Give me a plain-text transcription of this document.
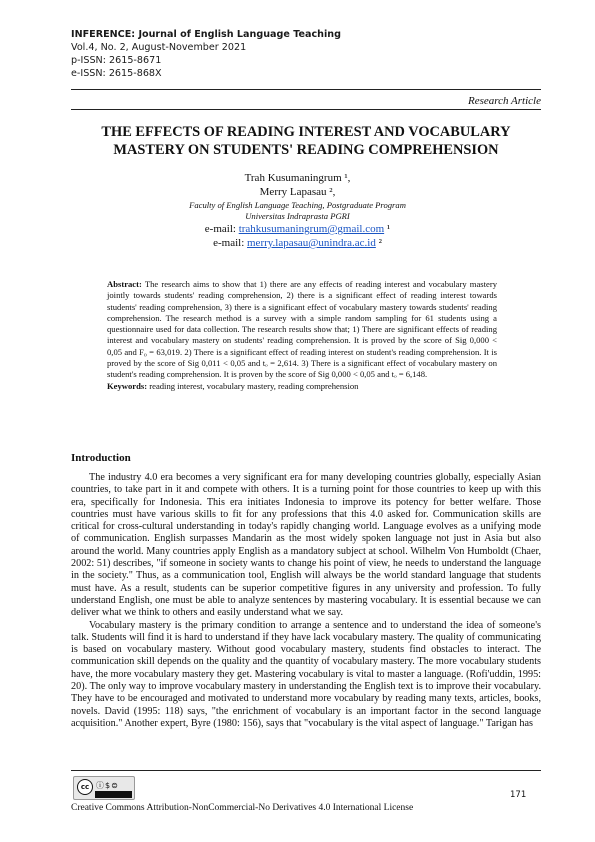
INFERENCE: Journal of English Language Teaching
Vol.4, No. 2, August-November 2021
p-ISSN: 2615-8671
e-ISSN: 2615-868X
Research Article
THE EFFECTS OF READING INTEREST AND VOCABULARY
MASTERY ON STUDENTS' READING COMPREHENSION
Trah Kusumaningrum ¹,
Merry Lapasau ²,
Faculty of English Language Teaching, Postgraduate Program
Universitas Indraprasta PGRI
e-mail: trahkusumaningrum@gmail.com ¹
e-mail: merry.lapasau@unindra.ac.id ²
Abstract: The research aims to show that 1) there are any effects of reading interest and vocabulary mastery jointly towards students' reading comprehension, 2) there is a significant effect of reading interest towards students' reading comprehension, 3) there is a significant effect of vocabulary mastery towards students' reading comprehension. The research method is a survey with a simple random sampling for 61 students using a questionnaire used for data collection. The research results show that; 1) There are significant effects of reading interest and vocabulary mastery on students' reading comprehension. It is proved by the score of Sig 0,000 < 0,05 and F₀ = 63,019. 2) There is a significant effect of reading interest on student's reading comprehension. It is proved by the score of Sig 0,011 < 0,05 and tₒ = 2,614. 3) There is a significant effect of vocabulary mastery on student's reading comprehension. It is proven by the score of Sig 0,000 < 0,05 and tₒ = 6,148.
Keywords: reading interest, vocabulary mastery, reading comprehension
Introduction

The industry 4.0 era becomes a very significant era for many developing countries globally, especially Asian countries, to take part in it and compete with others. It is a turning point for those countries to keep up with this era, specifically for Indonesia. This era initiates Indonesia to improve its potency for better welfare. Those countries must have various skills to fit for any professions that this 4.0 asked for. Communication skills are critical for cross-cultural understanding in today's rapidly changing world. Language evolves as a unifying mode of communication. English surpasses Mandarin as the most widely spoken language not just in Asia but also around the world. Many countries apply English as a mandatory subject at school. Wilhelm Von Humboldt (Chaer, 2002: 51) describes, "if someone in society wants to change his point of view, he needs to understand the language in the society." Thus, as a communication tool, English will always be the world standard language that students must have. As a result, students can be superior competitive figures in any university and profession. To fully understand English, one must be able to analyze sentences by mastering vocabulary. It is essential because we can deliver what we think to others and easily understand what we say.

Vocabulary mastery is the primary condition to arrange a sentence and to understand the idea of someone's talk. Students will find it is hard to understand if they have lack vocabulary mastery. The quality of communicating is based on vocabulary mastery. Without good vocabulary mastery, students find obstacles to interact. The communication skill depends on the quality and the quantity of vocabulary mastery. The more vocabulary students have, the more vocabulary mastery they get. Mastering vocabulary is vital to master a language. (Rofi'uddin, 1995: 20). The only way to improve vocabulary mastery in understanding the English text is to improve their vocabulary. They have to be encouraged and motivated to understand more vocabulary by reading many texts, articles, books, novels. David (1995: 118) says, "the enrichment of vocabulary is an important factor in the second language acquisition." Another expert, Byre (1980: 156), says that "vocabulary is the vital aspect of language." Tarigan has

cc ⓘ$⊜
171
Creative Commons Attribution-NonCommercial-No Derivatives 4.0 International License
